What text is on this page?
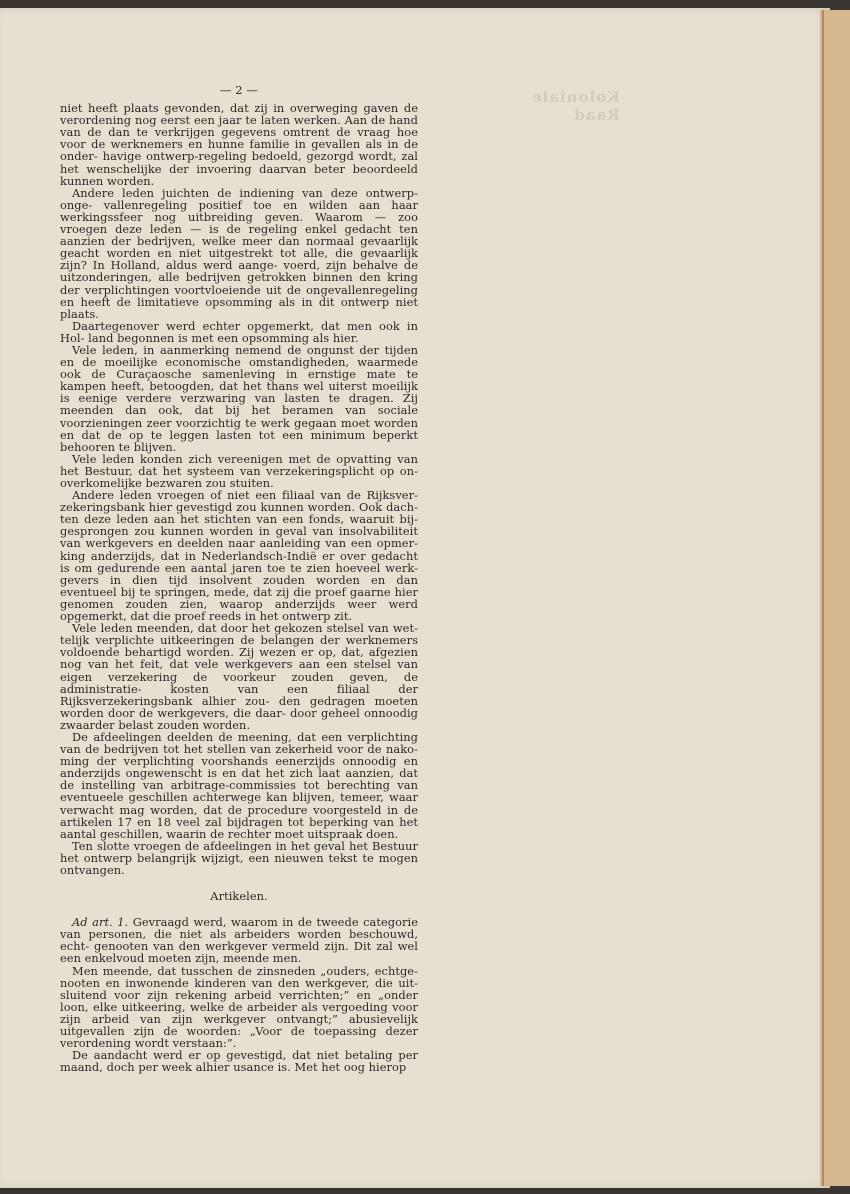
Koloniale Raad
— 2 —

niet heeft plaats gevonden, dat zij in overweging gaven de verordening nog eerst een jaar te laten werken. Aan de hand van de dan te verkrijgen gegevens omtrent de vraag hoe voor de werknemers en hunne familie in gevallen als in de onder- havige ontwerp-regeling bedoeld, gezorgd wordt, zal het wenschelijke der invoering daarvan beter beoordeeld kunnen worden.

Andere leden juichten de indiening van deze ontwerp-onge- vallenregeling positief toe en wilden aan haar werkingssfeer nog uitbreiding geven. Waarom — zoo vroegen deze leden — is de regeling enkel gedacht ten aanzien der bedrijven, welke meer dan normaal gevaarlijk geacht worden en niet uitgestrekt tot alle, die gevaarlijk zijn? In Holland, aldus werd aange- voerd, zijn behalve de uitzonderingen, alle bedrijven getrokken binnen den kring der verplichtingen voortvloeiende uit de ongevallenregeling en heeft de limitatieve opsomming als in dit ontwerp niet plaats.

Daartegenover werd echter opgemerkt, dat men ook in Hol- land begonnen is met een opsomming als hier.

Vele leden, in aanmerking nemend de ongunst der tijden en de moeilijke economische omstandigheden, waarmede ook de Curaçaosche samenleving in ernstige mate te kampen heeft, betoogden, dat het thans wel uiterst moeilijk is eenige verdere verzwaring van lasten te dragen. Zij meenden dan ook, dat bij het beramen van sociale voorzieningen zeer voorzichtig te werk gegaan moet worden en dat de op te leggen lasten tot een minimum beperkt behooren te blijven.

Vele leden konden zich vereenigen met de opvatting van het Bestuur, dat het systeem van verzekeringsplicht op on- overkomelijke bezwaren zou stuiten.

Andere leden vroegen of niet een filiaal van de Rijksver- zekeringsbank hier gevestigd zou kunnen worden. Ook dach- ten deze leden aan het stichten van een fonds, waaruit bij- gesprongen zou kunnen worden in geval van insolvabiliteit van werkgevers en deelden naar aanleiding van een opmer- king anderzijds, dat in Nederlandsch-Indië er over gedacht is om gedurende een aantal jaren toe te zien hoeveel werk- gevers in dien tijd insolvent zouden worden en dan eventueel bij te springen, mede, dat zij die proef gaarne hier genomen zouden zien, waarop anderzijds weer werd opgemerkt, dat die proef reeds in het ontwerp zit.

Vele leden meenden, dat door het gekozen stelsel van wet- telijk verplichte uitkeeringen de belangen der werknemers voldoende behartigd worden. Zij wezen er op, dat, afgezien nog van het feit, dat vele werkgevers aan een stelsel van eigen verzekering de voorkeur zouden geven, de administratie- kosten van een filiaal der Rijksverzekeringsbank alhier zou- den gedragen moeten worden door de werkgevers, die daar- door geheel onnoodig zwaarder belast zouden worden.

De afdeelingen deelden de meening, dat een verplichting van de bedrijven tot het stellen van zekerheid voor de nako- ming der verplichting voorshands eenerzijds onnoodig en anderzijds ongewenscht is en dat het zich laat aanzien, dat de instelling van arbitrage-commissies tot berechting van eventueele geschillen achterwege kan blijven, temeer, waar verwacht mag worden, dat de procedure voorgesteld in de artikelen 17 en 18 veel zal bijdragen tot beperking van het aantal geschillen, waarin de rechter moet uitspraak doen.

Ten slotte vroegen de afdeelingen in het geval het Bestuur het ontwerp belangrijk wijzigt, een nieuwen tekst te mogen ontvangen.

Artikelen.

Ad art. 1. Gevraagd werd, waarom in de tweede categorie van personen, die niet als arbeiders worden beschouwd, echt- genooten van den werkgever vermeld zijn. Dit zal wel een enkelvoud moeten zijn, meende men.

Men meende, dat tusschen de zinsneden „ouders, echtge- nooten en inwonende kinderen van den werkgever, die uit- sluitend voor zijn rekening arbeid verrichten;” en „onder loon, elke uitkeering, welke de arbeider als vergoeding voor zijn arbeid van zijn werkgever ontvangt;” abusievelijk uitgevallen zijn de woorden: „Voor de toepassing dezer verordening wordt verstaan:”.

De aandacht werd er op gevestigd, dat niet betaling per maand, doch per week alhier usance is. Met het oog hierop
